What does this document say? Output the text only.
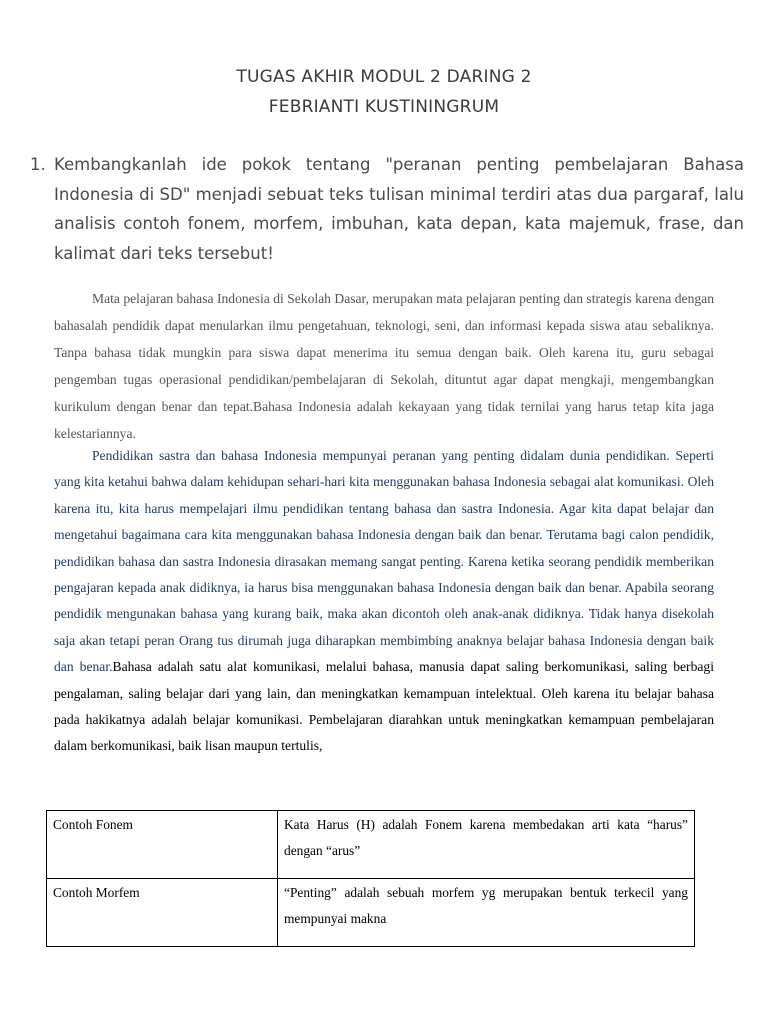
TUGAS AKHIR MODUL 2 DARING 2
FEBRIANTI KUSTININGRUM
1. Kembangkanlah ide pokok tentang "peranan penting pembelajaran Bahasa Indonesia di SD" menjadi sebuat teks tulisan minimal terdiri atas dua pargaraf, lalu analisis contoh fonem, morfem, imbuhan, kata depan, kata majemuk, frase, dan kalimat dari teks tersebut!

Mata pelajaran bahasa Indonesia di Sekolah Dasar, merupakan mata pelajaran penting dan strategis karena dengan bahasalah pendidik dapat menularkan ilmu pengetahuan, teknologi, seni, dan informasi kepada siswa atau sebaliknya. Tanpa bahasa tidak mungkin para siswa dapat menerima itu semua dengan baik. Oleh karena itu, guru sebagai pengemban tugas operasional pendidikan/pembelajaran di Sekolah, dituntut agar dapat mengkaji, mengembangkan kurikulum dengan benar dan tepat.Bahasa Indonesia adalah kekayaan yang tidak ternilai yang harus tetap kita jaga kelestariannya.

Pendidikan sastra dan bahasa Indonesia mempunyai peranan yang penting didalam dunia pendidikan. Seperti yang kita ketahui bahwa dalam kehidupan sehari-hari kita menggunakan bahasa Indonesia sebagai alat komunikasi. Oleh karena itu, kita harus mempelajari ilmu pendidikan tentang bahasa dan sastra Indonesia. Agar kita dapat belajar dan mengetahui bagaimana cara kita menggunakan bahasa Indonesia dengan baik dan benar. Terutama bagi calon pendidik, pendidikan bahasa dan sastra Indonesia dirasakan memang sangat penting. Karena ketika seorang pendidik memberikan pengajaran kepada anak didiknya, ia harus bisa menggunakan bahasa Indonesia dengan baik dan benar. Apabila seorang pendidik mengunakan bahasa yang kurang baik, maka akan dicontoh oleh anak-anak didiknya. Tidak hanya disekolah saja akan tetapi peran Orang tus dirumah juga diharapkan membimbing anaknya belajar bahasa Indonesia dengan baik dan benar.Bahasa adalah satu alat komunikasi, melalui bahasa, manusia dapat saling berkomunikasi, saling berbagi pengalaman, saling belajar dari yang lain, dan meningkatkan kemampuan intelektual. Oleh karena itu belajar bahasa pada hakikatnya adalah belajar komunikasi. Pembelajaran diarahkan untuk meningkatkan kemampuan pembelajaran dalam berkomunikasi, baik lisan maupun tertulis,

Contoh Fonem	Kata Harus (H) adalah Fonem karena membedakan arti kata “harus” dengan “arus”
Contoh Morfem	“Penting” adalah sebuah morfem yg merupakan bentuk terkecil yang mempunyai makna
